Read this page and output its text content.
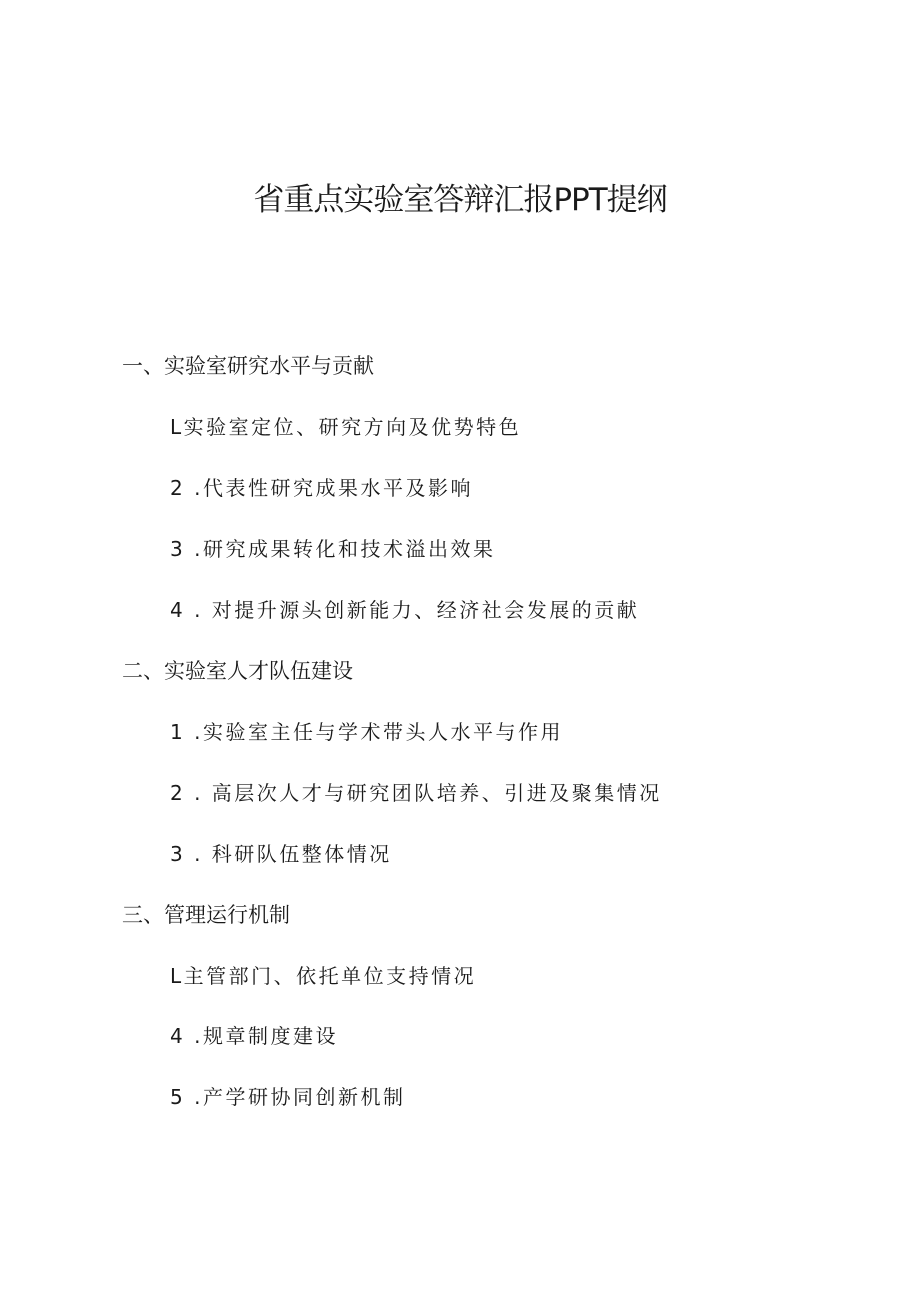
省重点实验室答辩汇报PPT提纲
一、实验室研究水平与贡献
L实验室定位、研究方向及优势特色
2 .代表性研究成果水平及影响
3 .研究成果转化和技术溢出效果
4 . 对提升源头创新能力、经济社会发展的贡献
二、实验室人才队伍建设
1 .实验室主任与学术带头人水平与作用
2 . 高层次人才与研究团队培养、引进及聚集情况
3 . 科研队伍整体情况
三、管理运行机制
L主管部门、依托单位支持情况
4 .规章制度建设
5 .产学研协同创新机制
